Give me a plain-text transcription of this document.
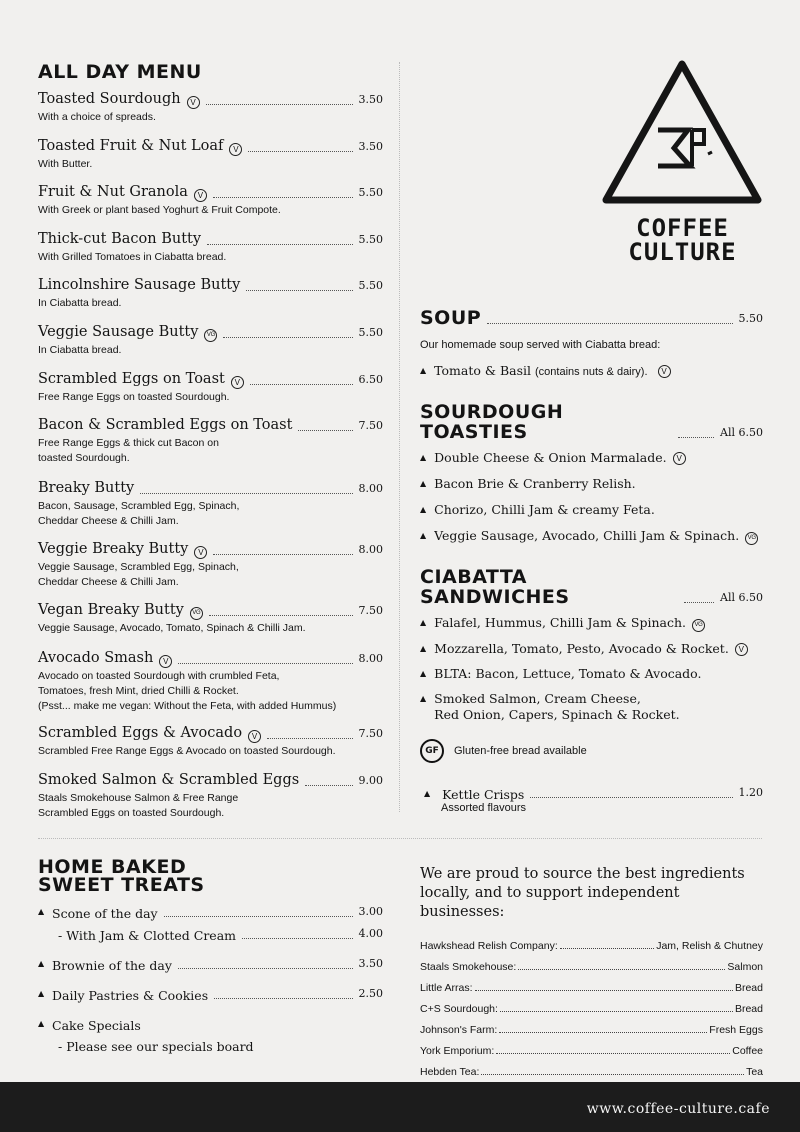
ALL DAY MENU
Toasted Sourdough	V	3.50
With a choice of spreads.
Toasted Fruit & Nut Loaf	V	3.50
With Butter.
Fruit & Nut Granola	V	5.50
With Greek or plant based Yoghurt & Fruit Compote.
Thick-cut Bacon Butty	5.50
With Grilled Tomatoes in Ciabatta bread.
Lincolnshire Sausage Butty	5.50
In Ciabatta bread.
Veggie Sausage Butty	VG	5.50
In Ciabatta bread.
Scrambled Eggs on Toast	V	6.50
Free Range Eggs on toasted Sourdough.
Bacon & Scrambled Eggs on Toast	7.50
Free Range Eggs & thick cut Bacon on
toasted Sourdough.
Breaky Butty	8.00
Bacon, Sausage, Scrambled Egg, Spinach,
Cheddar Cheese & Chilli Jam.
Veggie Breaky Butty	V	8.00
Veggie Sausage, Scrambled Egg, Spinach,
Cheddar Cheese & Chilli Jam.
Vegan Breaky Butty	VG	7.50
Veggie Sausage, Avocado, Tomato, Spinach & Chilli Jam.
Avocado Smash	V	8.00
Avocado on toasted Sourdough with crumbled Feta,
Tomatoes, fresh Mint, dried Chilli & Rocket.
(Psst... make me vegan: Without the Feta, with added Hummus)
Scrambled Eggs & Avocado	V	7.50
Scrambled Free Range Eggs & Avocado on toasted Sourdough.
Smoked Salmon & Scrambled Eggs	9.00
Staals Smokehouse Salmon & Free Range
Scrambled Eggs on toasted Sourdough.
COFFEE
CULTURE
SOUP	5.50
Our homemade soup served with Ciabatta bread:
▲ Tomato & Basil (contains nuts & dairy). V
SOURDOUGH TOASTIES	All 6.50
▲ Double Cheese & Onion Marmalade. V
▲ Bacon Brie & Cranberry Relish.
▲ Chorizo, Chilli Jam & creamy Feta.
▲ Veggie Sausage, Avocado, Chilli Jam & Spinach. VG
CIABATTA SANDWICHES	All 6.50
▲ Falafel, Hummus, Chilli Jam & Spinach. VG
▲ Mozzarella, Tomato, Pesto, Avocado & Rocket. V
▲ BLTA: Bacon, Lettuce, Tomato & Avocado.
▲ Smoked Salmon, Cream Cheese,
Red Onion, Capers, Spinach & Rocket.
GF	Gluten-free bread available
▲ Kettle Crisps	1.20
Assorted flavours
HOME BAKED
SWEET TREATS
▲ Scone of the day	3.00
- With Jam & Clotted Cream	4.00
▲ Brownie of the day	3.50
▲ Daily Pastries & Cookies	2.50
▲ Cake Specials
- Please see our specials board
We are proud to source the best ingredients
locally, and to support independent businesses:
Hawkshead Relish Company:	Jam, Relish & Chutney
Staals Smokehouse:	Salmon
Little Arras:	Bread
C+S Sourdough:	Bread
Johnson's Farm:	Fresh Eggs
York Emporium:	Coffee
Hebden Tea:	Tea
www.coffee-culture.cafe
